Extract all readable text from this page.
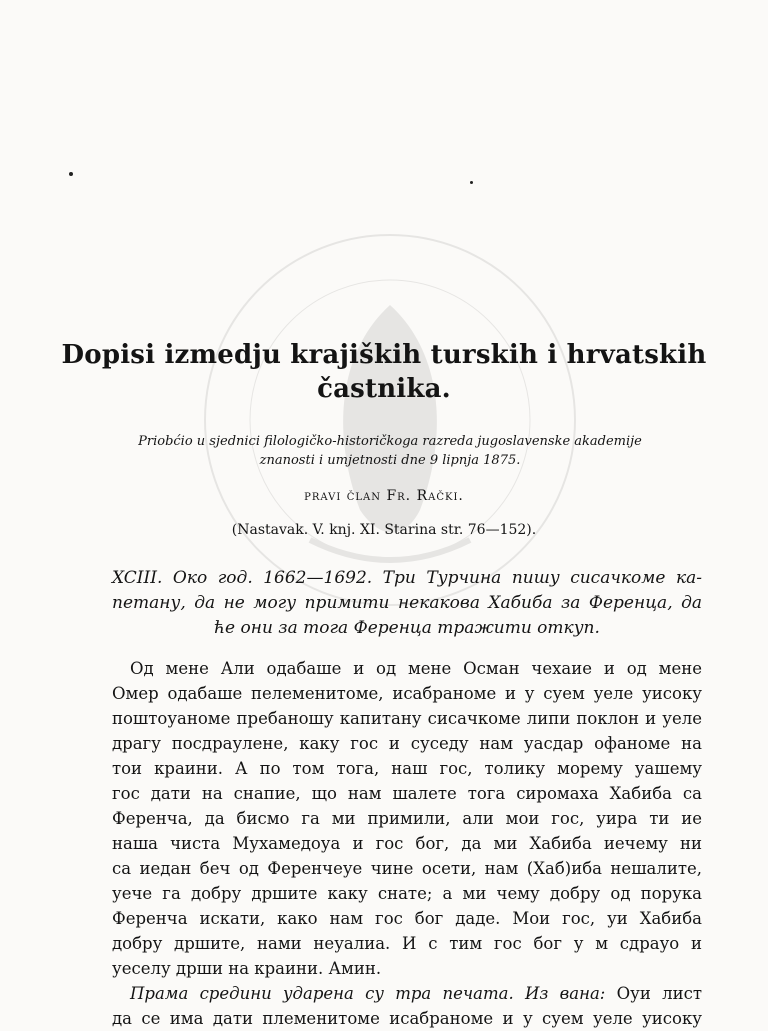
Dopisi izmedju krajiških turskih i hrvatskih
častnika.
Priobćio u sjednici filologičko-historičkoga razreda jugoslavenske akademije
znanosti i umjetnosti dne 9 lipnja 1875.
pravi član Fr. Rački.
(Nastavak. V. knj. XI. Starina str. 76—152).
XCIII. Око год. 1662—1692. Три Турчина пишу сисачкоме ка-
петану, да не могу примити некакова Хабиба за Ференца, да
ће они за тога Ференца тражити откуп.
Од мене Али одабаше и од мене Осман чехаие и од мене
Омер одабаше пелеменитоме, исабраноме и у суем уеле уисоку
поштоуаноме пребаношу капитану сисачкоме липи поклон и уеле
драгу посдраулене, каку гос и суседу нам уасдар офаноме на
тои краини. А по том тога, наш гос, толику морему уашему
гос дати на снапие, що нам шалете тога сиромаха Хабиба са
Ференча, да бисмо га ми примили, али мои гос, уира ти ие
наша чиста Мухамедоуа и гос бог, да ми Хабиба иечему ни
са иедан беч од Ференчеуе чине осети, нам (Хаб)иба нешалите,
уече га добру дршите каку снате; а ми чему добру од порука
Ференча искати, како нам гос бог даде. Мои гос, уи Хабиба
добру дршите, нами неуалиа. И с тим гос бог у м сдрауо и
уеселу дрши на краини. Амин.
Прама средини ударена су тра печата. Из вана: Оуи лист
да се има дати племенитоме исабраноме и у суем уеле уисоку
